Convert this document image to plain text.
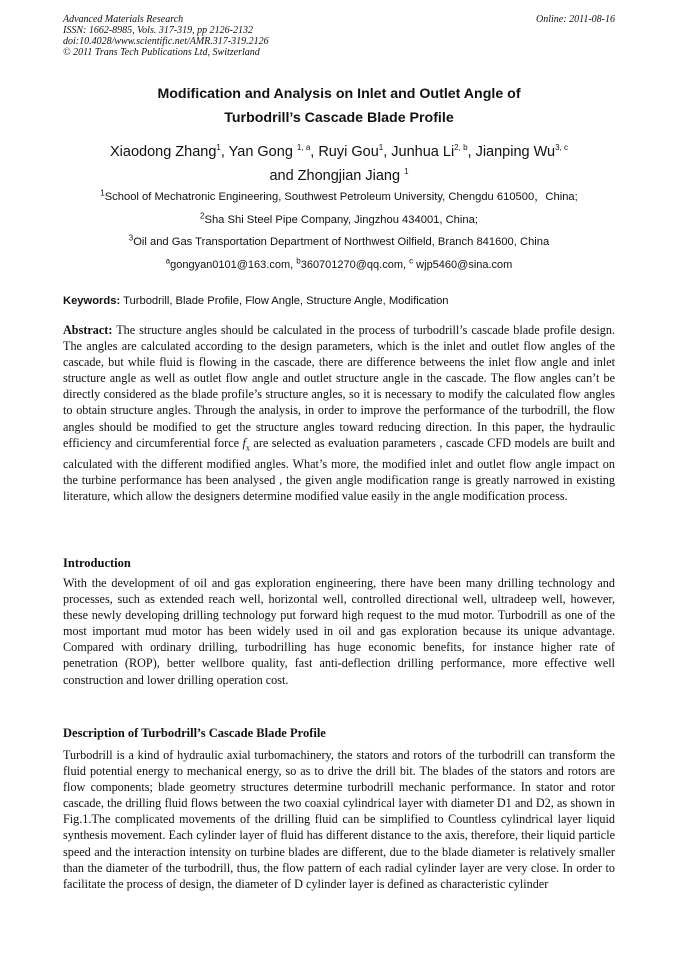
Advanced Materials Research
ISSN: 1662-8985, Vols. 317-319, pp 2126-2132
doi:10.4028/www.scientific.net/AMR.317-319.2126
© 2011 Trans Tech Publications Ltd, Switzerland
Online: 2011-08-16
Modification and Analysis on Inlet and Outlet Angle of
Turbodrill’s Cascade Blade Profile
Xiaodong Zhang$^1$, Yan Gong $^{1, a}$, Ruyi Gou$^1$, Junhua Li$^{2, b}$, Jianping Wu$^{3, c}$
and Zhongjian Jiang $^1$
$^1$School of Mechatronic Engineering, Southwest Petroleum University, Chengdu 610500，China;
$^2$Sha Shi Steel Pipe Company, Jingzhou 434001, China;
$^3$Oil and Gas Transportation Department of Northwest Oilfield, Branch 841600, China
$^a$gongyan0101@163.com, $^b$360701270@qq.com, $^c$ wjp5460@sina.com
Keywords: Turbodrill, Blade Profile, Flow Angle, Structure Angle, Modification
Abstract: The structure angles should be calculated in the process of turbodrill’s cascade blade profile design. The angles are calculated according to the design parameters, which is the inlet and outlet flow angles of the cascade, but while fluid is flowing in the cascade, there are difference betweens the inlet flow angle and inlet structure angle as well as outlet flow angle and outlet structure angle in the cascade. The flow angles can’t be directly considered as the blade profile’s structure angles, so it is necessary to modify the calculated flow angles to obtain structure angles. Through the analysis, in order to improve the performance of the turbodrill, the flow angles should be modified to get the structure angles toward reducing direction. In this paper, the hydraulic efficiency and circumferential force $f_x$ are selected as evaluation parameters , cascade CFD models are built and calculated with the different modified angles. What’s more, the modified inlet and outlet flow angle impact on the turbine performance has been analysed , the given angle modification range is greatly narrowed in existing literature, which allow the designers determine modified value easily in the angle modification process.
Introduction
With the development of oil and gas exploration engineering, there have been many drilling technology and processes, such as extended reach well, horizontal well, controlled directional well, ultradeep well, however, these newly developing drilling technology put forward high request to the mud motor. Turbodrill as one of the most important mud motor has been widely used in oil and gas exploration because its unique advantage. Compared with ordinary drilling, turbodrilling has huge economic benefits, for instance higher rate of penetration (ROP), better wellbore quality, fast anti-deflection drilling performance, more effective well construction and lower drilling operation cost.
Description of Turbodrill’s Cascade Blade Profile
Turbodrill is a kind of hydraulic axial turbomachinery, the stators and rotors of the turbodrill can transform the fluid potential energy to mechanical energy, so as to drive the drill bit. The blades of the stators and rotors are flow components; blade geometry structures determine turbodrill mechanic performance. In stator and rotor cascade, the drilling fluid flows between the two coaxial cylindrical layer with diameter D1 and D2, as shown in Fig.1.The complicated movements of the drilling fluid can be simplified to Countless cylindrical layer liquid synthesis movement. Each cylinder layer of fluid has different distance to the axis, therefore, their liquid particle speed and the interaction intensity on turbine blades are different, due to the blade diameter is relatively smaller than the diameter of the turbodrill, thus, the flow pattern of each radial cylinder layer are very close. In order to facilitate the process of design, the diameter of D cylinder layer is defined as characteristic cylinder
